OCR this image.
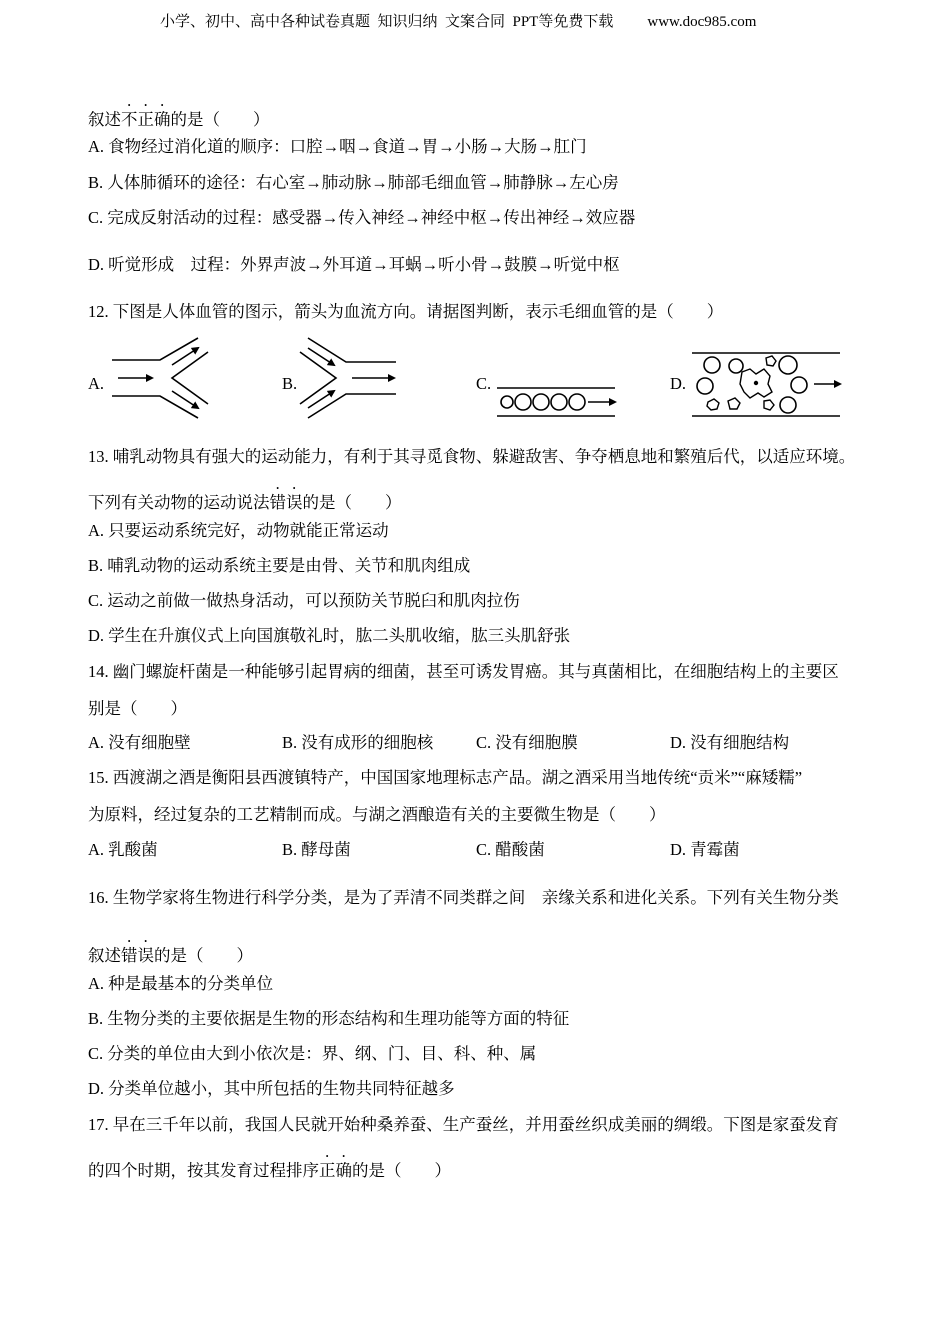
小学、初中、高中各种试卷真题  知识归纳  文案合同  PPT等免费下载 www.doc985.com
叙述不正确的是（　　）
A. 食物经过消化道的顺序：口腔→咽→食道→胃→小肠→大肠→肛门
B. 人体肺循环的途径：右心室→肺动脉→肺部毛细血管→肺静脉→左心房
C. 完成反射活动的过程：感受器→传入神经→神经中枢→传出神经→效应器
D. 听觉形成　过程：外界声波→外耳道→耳蜗→听小骨→鼓膜→听觉中枢
12. 下图是人体血管的图示，箭头为血流方向。请据图判断，表示毛细血管的是（　　）
A.	B.	C.	D.
13. 哺乳动物具有强大的运动能力，有利于其寻觅食物、躲避敌害、争夺栖息地和繁殖后代，以适应环境。
下列有关动物的运动说法错误的是（　　）
A. 只要运动系统完好，动物就能正常运动
B. 哺乳动物的运动系统主要是由骨、关节和肌肉组成
C. 运动之前做一做热身活动，可以预防关节脱臼和肌肉拉伤
D. 学生在升旗仪式上向国旗敬礼时，肱二头肌收缩，肱三头肌舒张
14. 幽门螺旋杆菌是一种能够引起胃病的细菌，甚至可诱发胃癌。其与真菌相比，在细胞结构上的主要区
别是（　　）
A. 没有细胞壁	B. 没有成形的细胞核	C. 没有细胞膜	D. 没有细胞结构
15. 西渡湖之酒是衡阳县西渡镇特产，中国国家地理标志产品。湖之酒采用当地传统“贡米”“麻矮糯”
为原料，经过复杂的工艺精制而成。与湖之酒酿造有关的主要微生物是（　　）
A. 乳酸菌	B. 酵母菌	C. 醋酸菌	D. 青霉菌
16. 生物学家将生物进行科学分类，是为了弄清不同类群之间　亲缘关系和进化关系。下列有关生物分类
叙述错误的是（　　）
A. 种是最基本的分类单位
B. 生物分类的主要依据是生物的形态结构和生理功能等方面的特征
C. 分类的单位由大到小依次是：界、纲、门、目、科、种、属
D. 分类单位越小，其中所包括的生物共同特征越多
17. 早在三千年以前，我国人民就开始种桑养蚕、生产蚕丝，并用蚕丝织成美丽的绸缎。下图是家蚕发育
的四个时期，按其发育过程排序正确的是（　　）
